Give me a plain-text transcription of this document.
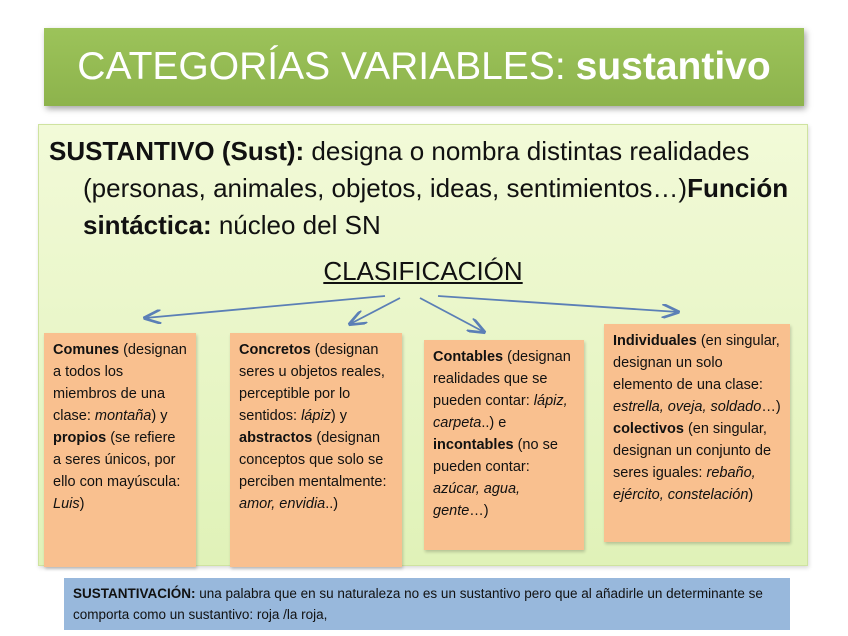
CATEGORÍAS VARIABLES: sustantivo
SUSTANTIVO (Sust): designa o nombra distintas realidades (personas, animales, objetos, ideas, sentimientos…)Función sintáctica: núcleo del SN
CLASIFICACIÓN
Comunes (designan a todos los miembros de una clase: montaña) y propios (se refiere a seres únicos, por ello con mayúscula: Luis)
Concretos (designan seres u objetos reales, perceptible por lo sentidos: lápiz) y abstractos (designan conceptos que solo se perciben mentalmente: amor, envidia..)
Contables (designan realidades que se pueden contar: lápiz, carpeta..) e incontables (no se pueden contar: azúcar, agua, gente…)
Individuales (en singular, designan un solo elemento de una clase: estrella, oveja, soldado…) colectivos (en singular, designan un conjunto de seres iguales: rebaño, ejército, constelación)
SUSTANTIVACIÓN: una palabra que en su naturaleza no es un sustantivo pero que al añadirle un determinante se comporta como un sustantivo: roja /la roja,
